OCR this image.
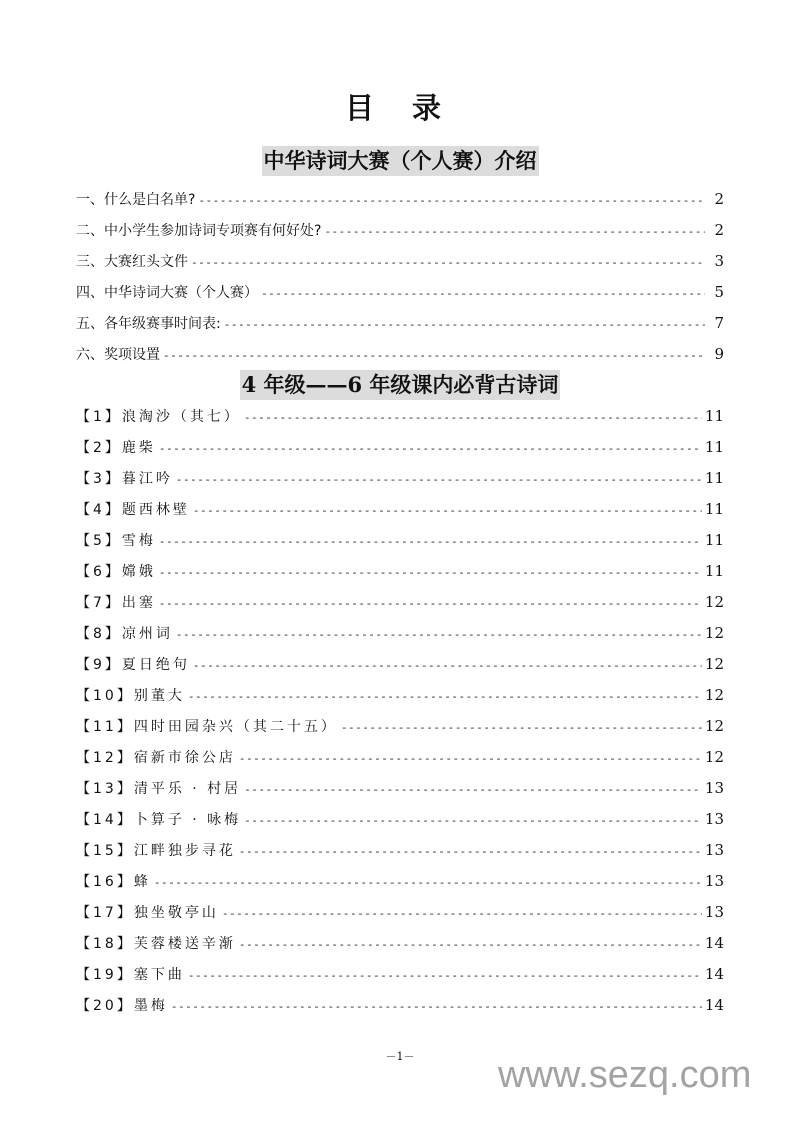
目 录
中华诗词大赛（个人赛）介绍
一、什么是白名单? -----	2
二、中小学生参加诗词专项赛有何好处? -----	2
三、大赛红头文件 -----	3
四、中华诗词大赛（个人赛） -----	5
五、各年级赛事时间表: -----	7
六、奖项设置 -----	9
4 年级——6 年级课内必背古诗词
【1】浪淘沙（其七） -----	11
【2】鹿柴 -----	11
【3】暮江吟 -----	11
【4】题西林壁 -----	11
【5】雪梅 -----	11
【6】嫦娥 -----	11
【7】出塞 -----	12
【8】凉州词 -----	12
【9】夏日绝句 -----	12
【10】别董大 -----	12
【11】四时田园杂兴（其二十五） -----	12
【12】宿新市徐公店 -----	12
【13】清平乐 · 村居 -----	13
【14】卜算子 · 咏梅 -----	13
【15】江畔独步寻花 -----	13
【16】蜂 -----	13
【17】独坐敬亭山 -----	13
【18】芙蓉楼送辛渐 -----	14
【19】塞下曲 -----	14
【20】墨梅 -----	14
－1－	www.sezq.com
